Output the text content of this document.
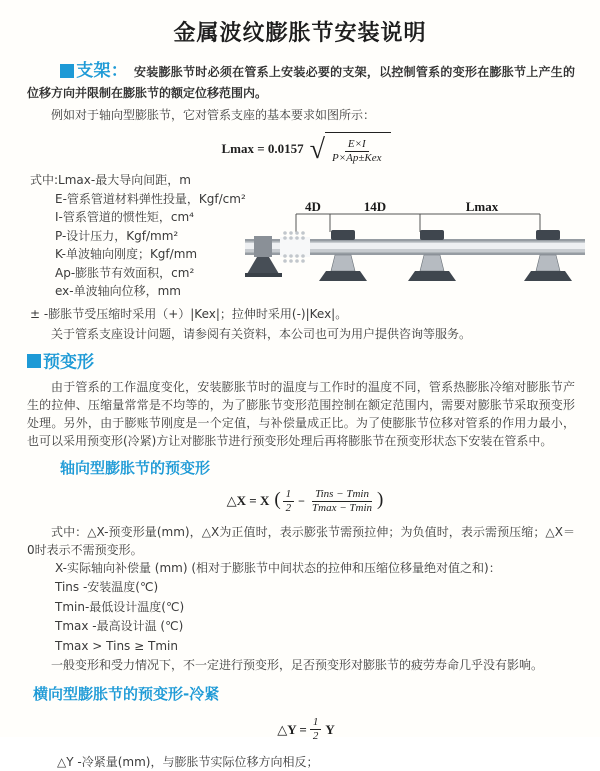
金属波纹膨胀节安装说明

支架： 安装膨胀节时必须在管系上安装必要的支架，以控制管系的变形在膨胀节上产生的位移方向并限制在膨胀节的额定位移范围内。

例如对于轴向型膨胀节，它对管系支座的基本要求如图所示：

Lmax = 0.0157 √ $\frac{E\times I}{\text{P×Ap±Kex}}$

式中:Lmax-最大导向间距，m

E-管系管道材料弹性投量，Kgf/cm²

I-管系管道的惯性矩，cm⁴

P-设计压力，Kgf/mm²

K-单波轴向刚度；Kgf/mm

Ap-膨胀节有效面积，cm²

ex-单波轴向位移，mm

4D	14D	Lmax

± -膨胀节受压缩时采用（+）|Kex|；拉伸时采用(-)|Kex|。

关于管系支座设计问题，请参阅有关资料，本公司也可为用户提供咨询等服务。

预变形

由于管系的工作温度变化，安装膨胀节时的温度与工作时的温度不同，管系热膨胀冷缩对膨胀节产生的拉伸、压缩量常常是不均等的，为了膨胀节变形范围控制在额定范围内，需要对膨胀节采取预变形处理。另外，由于膨账节刚度是一个定值，与补偿量成正比。为了使膨胀节位移对管系的作用力最小，也可以采用预变形(冷紧)方让对膨胀节进行预变形处理后再将膨胀节在预变形状态下安装在管系中。

轴向型膨胀节的预变形
△X = X ( $\frac{1}{2} - \frac{\text{Tins − Tmin}}{Tmax - Tmin}$ )

式中：△X-预变形量(mm)，△X为正值时，表示膨张节需预拉伸；为负值时，表示需预压缩；△X＝0时表示不需预变形。

X-实际轴向补偿量 (mm) (相对于膨胀节中间状态的拉伸和压缩位移量绝对值之和)：

Tins -安装温度(℃)

Tmin-最低设计温度(℃)

Tmax -最高设计温 (℃)

Tmax > Tins ≥ Tmin

一般变形和受力情况下，不一定进行预变形，足否预变形对膨胀节的疲劳寿命几乎没有影响。

横向型膨胀节的预变形-冷紧
△Y = $\frac{1}{2}$ Y

△Y -冷紧量(mm)，与膨胀节实际位移方向相反；
